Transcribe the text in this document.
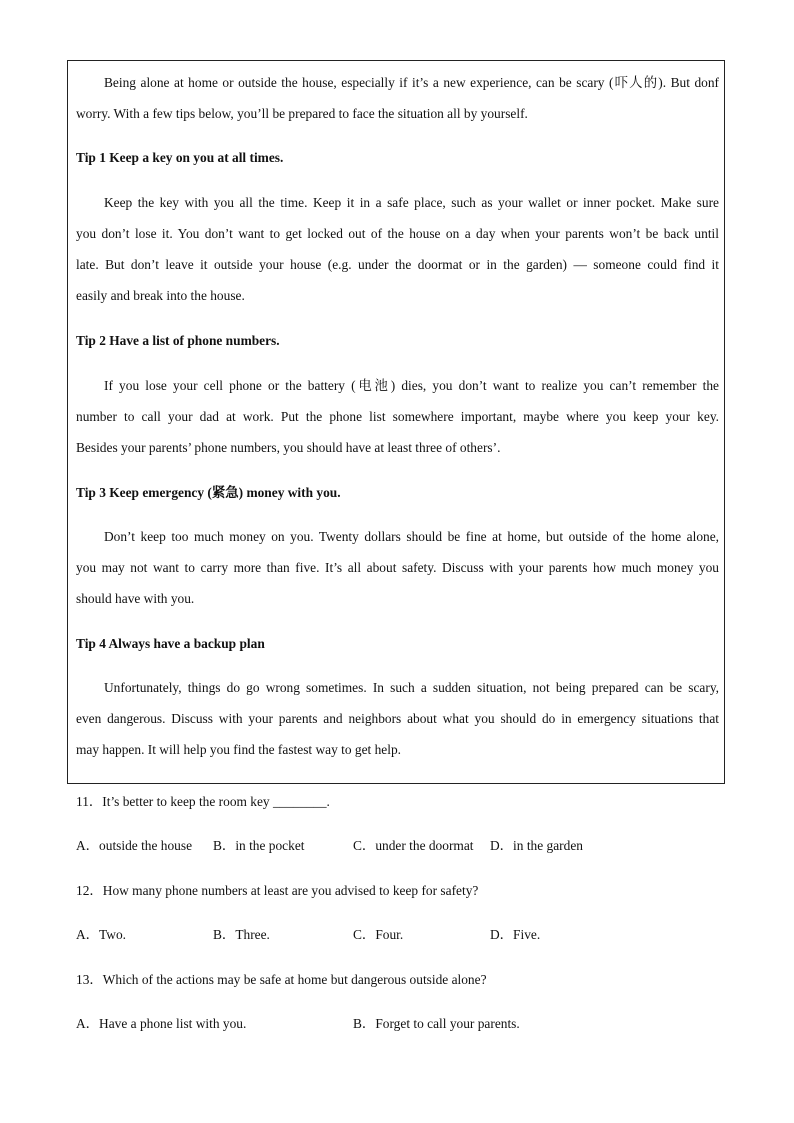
Being alone at home or outside the house, especially if it’s a new experience, can be scary (吓人的). But donf
worry. With a few tips below, you’ll be prepared to face the situation all by yourself.
Tip 1 Keep a key on you at all times.
Keep the key with you all the time. Keep it in a safe place, such as your wallet or inner pocket. Make sure
you don’t lose it. You don’t want to get locked out of the house on a day when your parents won’t be back until
late. But don’t leave it outside your house (e.g. under the doormat or in the garden) — someone could find it
easily and break into the house.
Tip 2 Have a list of phone numbers.
If you lose your cell phone or the battery (电池) dies, you don’t want to realize you can’t remember the
number to call your dad at work. Put the phone list somewhere important, maybe where you keep your key.
Besides your parents’ phone numbers, you should have at least three of others’.
Tip 3 Keep emergency (紧急) money with you.
Don’t keep too much money on you. Twenty dollars should be fine at home, but outside of the home alone,
you may not want to carry more than five. It’s all about safety. Discuss with your parents how much money you
should have with you.
Tip 4 Always have a backup plan
Unfortunately, things do go wrong sometimes. In such a sudden situation, not being prepared can be scary,
even dangerous. Discuss with your parents and neighbors about what you should do in emergency situations that
may happen. It will help you find the fastest way to get help.
11．It’s better to keep the room key ________.
A．outside the house B．in the pocket	C．under the doormat D．in the garden
12．How many phone numbers at least are you advised to keep for safety?
A．Two.	B．Three.	C．Four.	D．Five.
13．Which of the actions may be safe at home but dangerous outside alone?
A．Have a phone list with you.	B．Forget to call your parents.
